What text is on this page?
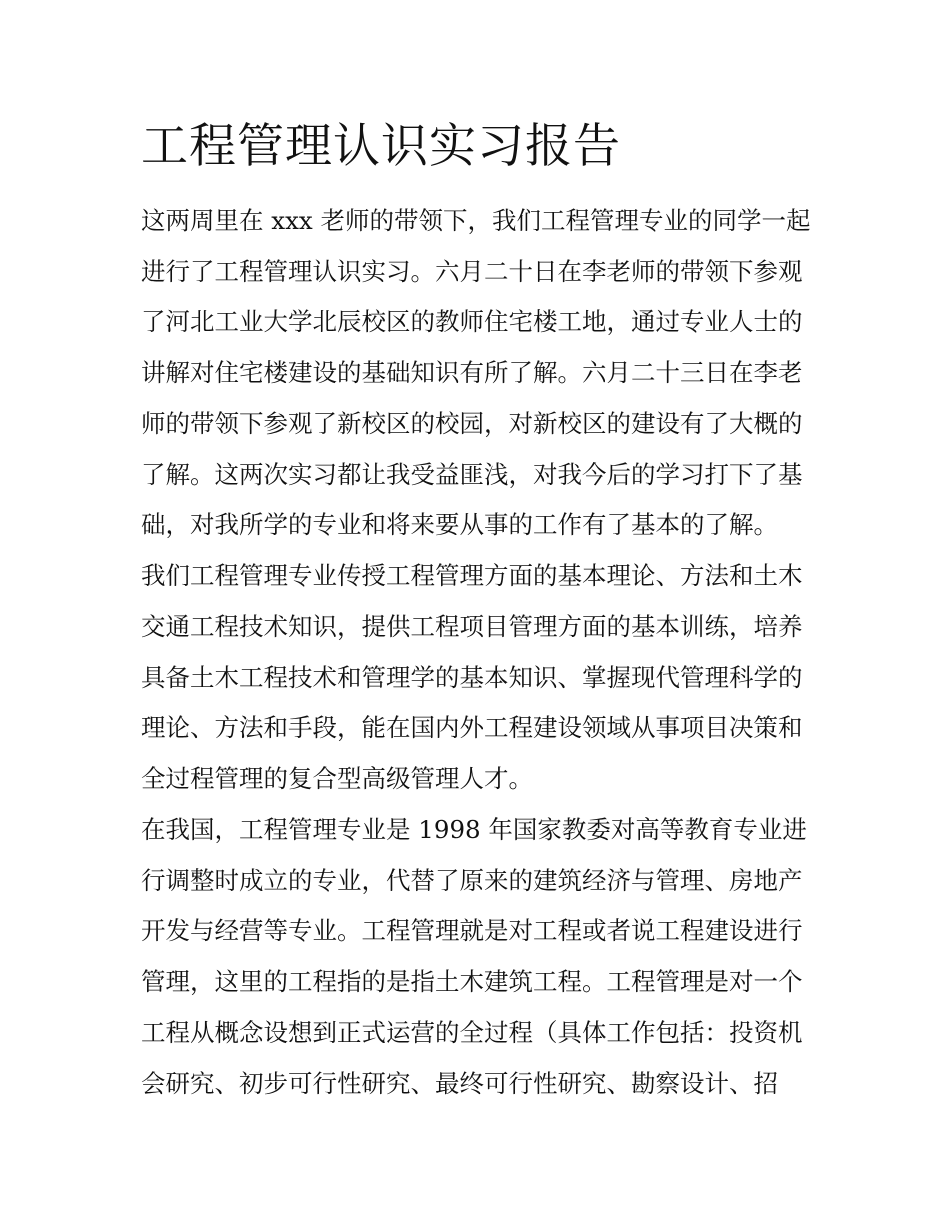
工程管理认识实习报告

这两周里在 xxx 老师的带领下，我们工程管理专业的同学一起

进行了工程管理认识实习。六月二十日在李老师的带领下参观

了河北工业大学北辰校区的教师住宅楼工地，通过专业人士的

讲解对住宅楼建设的基础知识有所了解。六月二十三日在李老

师的带领下参观了新校区的校园，对新校区的建设有了大概的

了解。这两次实习都让我受益匪浅，对我今后的学习打下了基

础，对我所学的专业和将来要从事的工作有了基本的了解。

我们工程管理专业传授工程管理方面的基本理论、方法和土木

交通工程技术知识，提供工程项目管理方面的基本训练，培养

具备土木工程技术和管理学的基本知识、掌握现代管理科学的

理论、方法和手段，能在国内外工程建设领域从事项目决策和

全过程管理的复合型高级管理人才。

在我国，工程管理专业是 1998 年国家教委对高等教育专业进

行调整时成立的专业，代替了原来的建筑经济与管理、房地产

开发与经营等专业。工程管理就是对工程或者说工程建设进行

管理，这里的工程指的是指土木建筑工程。工程管理是对一个

工程从概念设想到正式运营的全过程（具体工作包括：投资机

会研究、初步可行性研究、最终可行性研究、勘察设计、招
